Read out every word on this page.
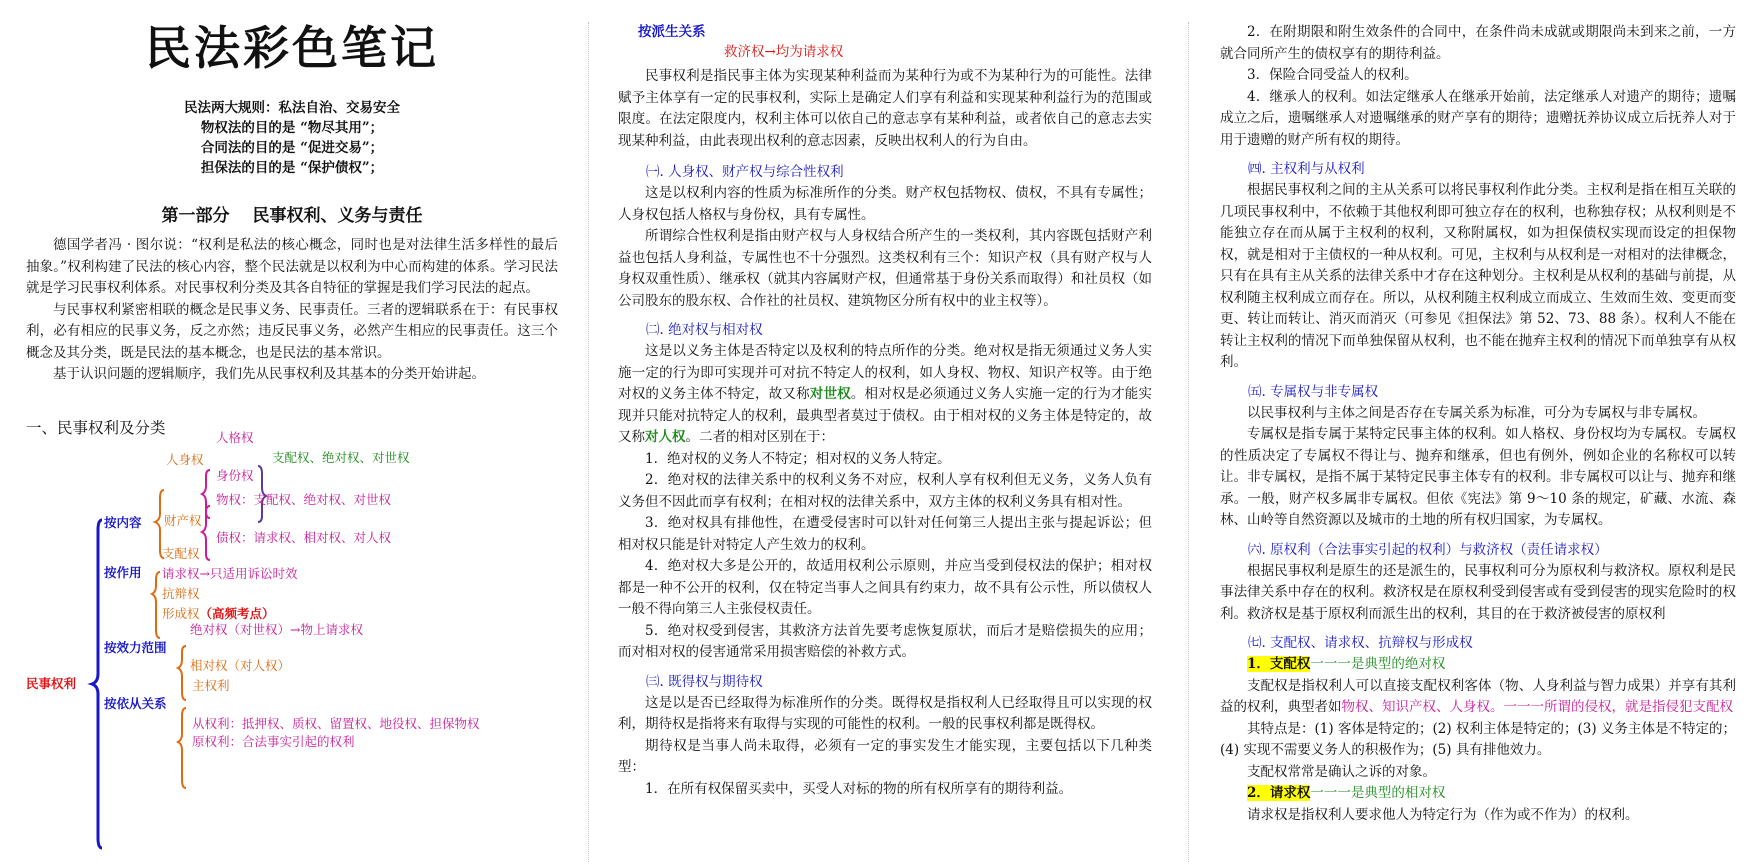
民法彩色笔记
民法两大规则：私法自治、交易安全
物权法的目的是 “物尽其用”；
合同法的目的是 “促进交易”；
担保法的目的是 “保护债权”；
第一部分　 民事权利、义务与责任

德国学者冯 · 图尔说：“权利是私法的核心概念，同时也是对法律生活多样性的最后抽象。”权利构建了民法的核心内容，整个民法就是以权利为中心而构建的体系。学习民法就是学习民事权利体系。对民事权利分类及其各自特征的掌握是我们学习民法的起点。

与民事权利紧密相联的概念是民事义务、民事责任。三者的逻辑联系在于：有民事权利，必有相应的民事义务，反之亦然；违反民事义务，必然产生相应的民事责任。这三个概念及其分类，既是民法的基本概念，也是民法的基本常识。

基于认识问题的逻辑顺序，我们先从民事权利及其基本的分类开始讲起。

一、民事权利及分类
民事权利
按内容
人身权
人格权
身份权
支配权、绝对权、对世权
财产权
物权：支配权、绝对权、对世权
债权：请求权、相对权、对人权
按作用
支配权
请求权→只适用诉讼时效
抗辩权
形成权（高频考点）
按效力范围
绝对权（对世权）→物上请求权
相对权（对人权）
按依从关系
主权利
从权利：抵押权、质权、留置权、地役权、担保物权
原权利：合法事实引起的权利
按派生关系
救济权→均为请求权

民事权利是指民事主体为实现某种利益而为某种行为或不为某种行为的可能性。法律赋予主体享有一定的民事权利，实际上是确定人们享有利益和实现某种利益行为的范围或限度。在法定限度内，权利主体可以依自己的意志享有某种利益，或者依自己的意志去实现某种利益，由此表现出权利的意志因素，反映出权利人的行为自由。

㈠. 人身权、财产权与综合性权利

这是以权利内容的性质为标准所作的分类。财产权包括物权、债权，不具有专属性；人身权包括人格权与身份权，具有专属性。

所谓综合性权利是指由财产权与人身权结合所产生的一类权利，其内容既包括财产利益也包括人身利益，专属性也不十分强烈。这类权利有三个：知识产权（具有财产权与人身权双重性质）、继承权（就其内容属财产权，但通常基于身份关系而取得）和社员权（如公司股东的股东权、合作社的社员权、建筑物区分所有权中的业主权等）。

㈡. 绝对权与相对权

这是以义务主体是否特定以及权利的特点所作的分类。绝对权是指无须通过义务人实施一定的行为即可实现并可对抗不特定人的权利，如人身权、物权、知识产权等。由于绝对权的义务主体不特定，故又称对世权。相对权是必须通过义务人实施一定的行为才能实现并只能对抗特定人的权利，最典型者莫过于债权。由于相对权的义务主体是特定的，故又称对人权。二者的相对区别在于：

1．绝对权的义务人不特定；相对权的义务人特定。

2．绝对权的法律关系中的权利义务不对应，权利人享有权利但无义务，义务人负有义务但不因此而享有权利；在相对权的法律关系中，双方主体的权利义务具有相对性。

3．绝对权具有排他性，在遭受侵害时可以针对任何第三人提出主张与提起诉讼；但相对权只能是针对特定人产生效力的权利。

4．绝对权大多是公开的，故适用权利公示原则，并应当受到侵权法的保护；相对权都是一种不公开的权利，仅在特定当事人之间具有约束力，故不具有公示性，所以债权人一般不得向第三人主张侵权责任。

5．绝对权受到侵害，其救济方法首先要考虑恢复原状，而后才是赔偿损失的应用；而对相对权的侵害通常采用损害赔偿的补救方式。

㈢. 既得权与期待权

这是以是否已经取得为标准所作的分类。既得权是指权利人已经取得且可以实现的权利，期待权是指将来有取得与实现的可能性的权利。一般的民事权利都是既得权。

期待权是当事人尚未取得，必须有一定的事实发生才能实现，主要包括以下几种类型：

1．在所有权保留买卖中，买受人对标的物的所有权所享有的期待利益。

2．在附期限和附生效条件的合同中，在条件尚未成就或期限尚未到来之前，一方就合同所产生的债权享有的期待利益。

3．保险合同受益人的权利。

4．继承人的权利。如法定继承人在继承开始前，法定继承人对遗产的期待；遗嘱成立之后，遗嘱继承人对遗嘱继承的财产享有的期待；遗赠抚养协议成立后抚养人对于用于遗赠的财产所有权的期待。

㈣. 主权利与从权利

根据民事权利之间的主从关系可以将民事权利作此分类。主权利是指在相互关联的几项民事权利中，不依赖于其他权利即可独立存在的权利，也称独存权；从权利则是不能独立存在而从属于主权利的权利，又称附属权，如为担保债权实现而设定的担保物权，就是相对于主债权的一种从权利。可见，主权利与从权利是一对相对的法律概念，只有在具有主从关系的法律关系中才存在这种划分。主权利是从权利的基础与前提，从权利随主权利成立而存在。所以，从权利随主权利成立而成立、生效而生效、变更而变更、转让而转让、消灭而消灭（可参见《担保法》第 52、73、88 条）。权利人不能在转让主权利的情况下而单独保留从权利，也不能在抛弃主权利的情况下而单独享有从权利。

㈤. 专属权与非专属权

以民事权利与主体之间是否存在专属关系为标准，可分为专属权与非专属权。

专属权是指专属于某特定民事主体的权利。如人格权、身份权均为专属权。专属权的性质决定了专属权不得让与、抛弃和继承，但也有例外，例如企业的名称权可以转让。非专属权，是指不属于某特定民事主体专有的权利。非专属权可以让与、抛弃和继承。一般，财产权多属非专属权。但依《宪法》第 9～10 条的规定，矿藏、水流、森林、山岭等自然资源以及城市的土地的所有权归国家，为专属权。

㈥. 原权利（合法事实引起的权利）与救济权（责任请求权）

根据民事权利是原生的还是派生的，民事权利可分为原权利与救济权。原权利是民事法律关系中存在的权利。救济权是在原权利受到侵害或有受到侵害的现实危险时的权利。救济权是基于原权利而派生出的权利，其目的在于救济被侵害的原权利

㈦. 支配权、请求权、抗辩权与形成权

1．支配权一一一是典型的绝对权

支配权是指权利人可以直接支配权利客体（物、人身利益与智力成果）并享有其利益的权利，典型者如物权、知识产权、人身权。一一一所谓的侵权，就是指侵犯支配权

其特点是：(1) 客体是特定的；(2) 权利主体是特定的；(3) 义务主体是不特定的；(4) 实现不需要义务人的积极作为；(5) 具有排他效力。

支配权常常是确认之诉的对象。

2．请求权一一一是典型的相对权

请求权是指权利人要求他人为特定行为（作为或不作为）的权利。
